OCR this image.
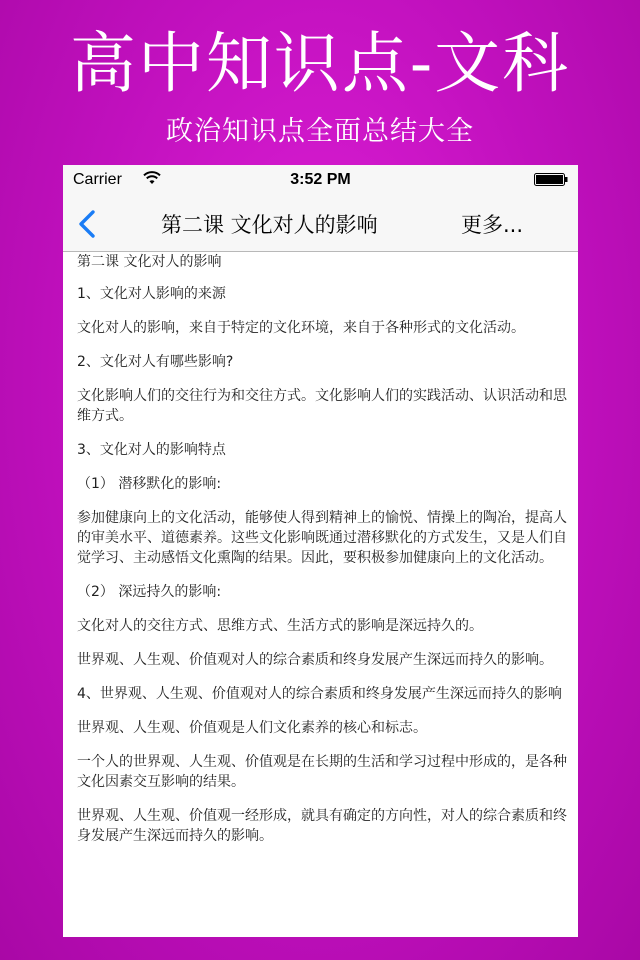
高中知识点-文科
政治知识点全面总结大全
Carrier	3:52 PM
第二课 文化对人的影响	更多...

第二课 文化对人的影响

1、文化对人影响的来源

文化对人的影响，来自于特定的文化环境，来自于各种形式的文化活动。

2、文化对人有哪些影响?

文化影响人们的交往行为和交往方式。文化影响人们的实践活动、认识活动和思维方式。

3、文化对人的影响特点

（1） 潜移默化的影响:

参加健康向上的文化活动，能够使人得到精神上的愉悦、情操上的陶冶，提高人的审美水平、道德素养。这些文化影响既通过潜移默化的方式发生，又是人们自觉学习、主动感悟文化熏陶的结果。因此，要积极参加健康向上的文化活动。

（2） 深远持久的影响:

文化对人的交往方式、思维方式、生活方式的影响是深远持久的。

世界观、人生观、价值观对人的综合素质和终身发展产生深远而持久的影响。

4、世界观、人生观、价值观对人的综合素质和终身发展产生深远而持久的影响

世界观、人生观、价值观是人们文化素养的核心和标志。

一个人的世界观、人生观、价值观是在长期的生活和学习过程中形成的，是各种文化因素交互影响的结果。

世界观、人生观、价值观一经形成，就具有确定的方向性，对人的综合素质和终身发展产生深远而持久的影响。
